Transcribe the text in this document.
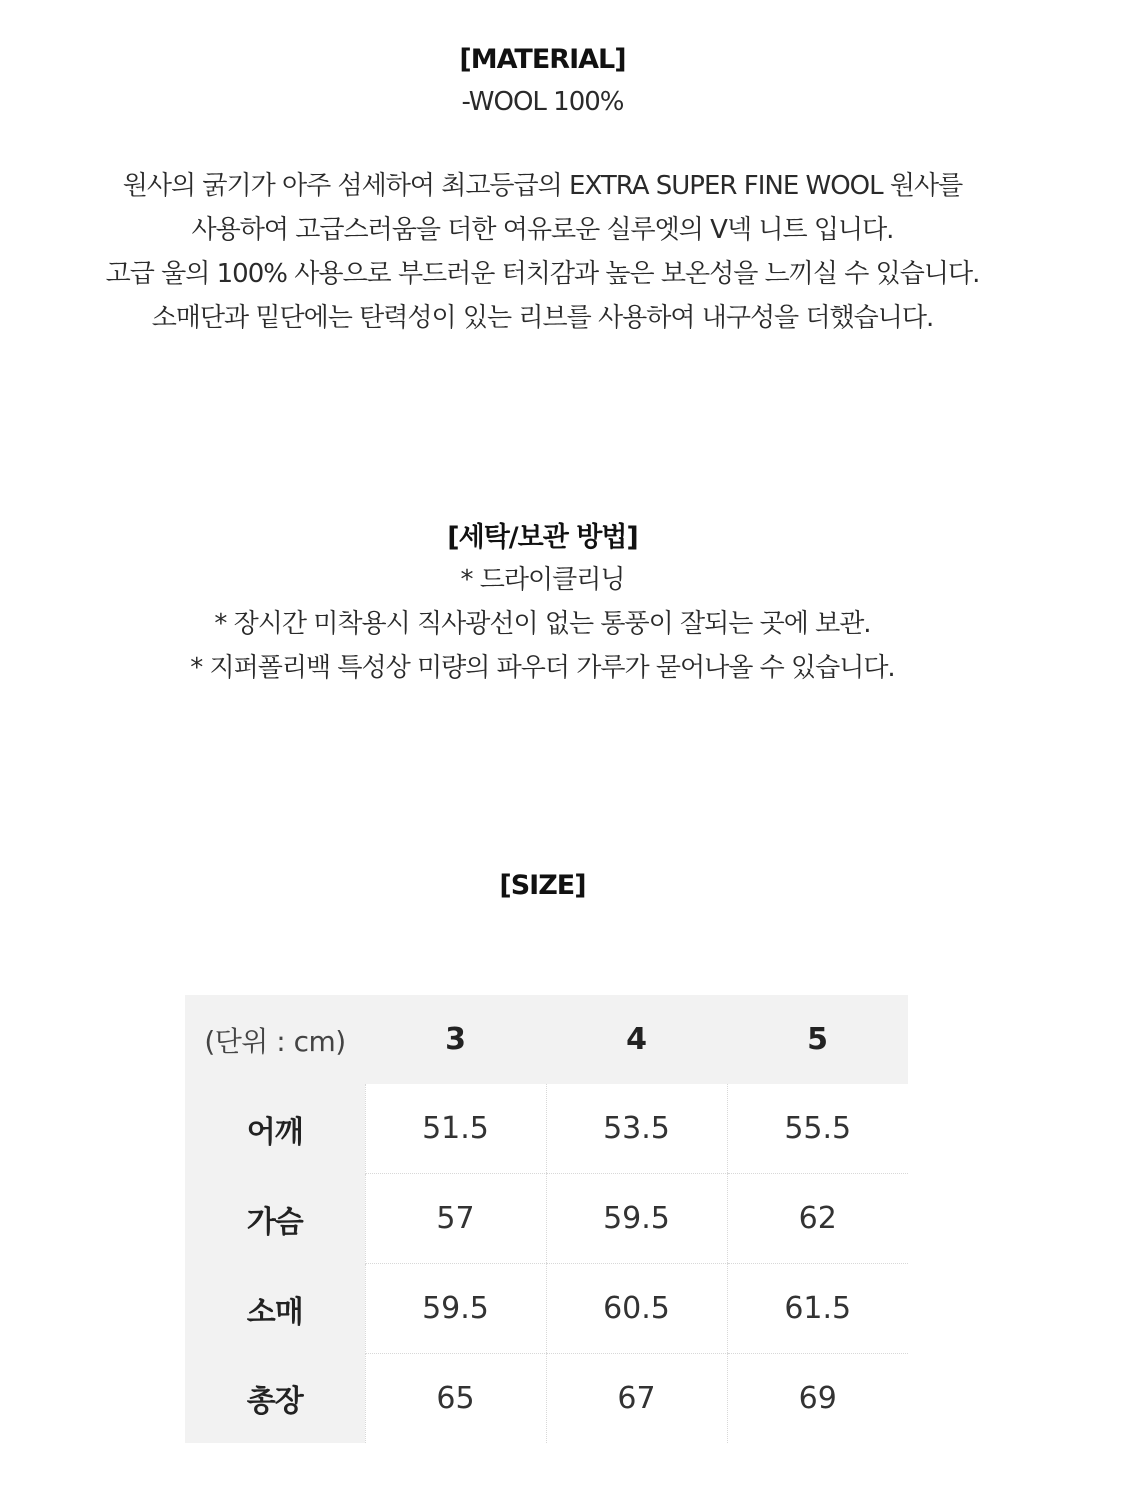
[MATERIAL]
-WOOL 100%
원사의 굵기가 아주 섬세하여 최고등급의 EXTRA SUPER FINE WOOL 원사를
사용하여 고급스러움을 더한 여유로운 실루엣의 V넥 니트 입니다.
고급 울의 100% 사용으로 부드러운 터치감과 높은 보온성을 느끼실 수 있습니다.
소매단과 밑단에는 탄력성이 있는 리브를 사용하여 내구성을 더했습니다.
[세탁/보관 방법]
* 드라이클리닝
* 장시간 미착용시 직사광선이 없는 통풍이 잘되는 곳에 보관.
* 지퍼폴리백 특성상 미량의 파우더 가루가 묻어나올 수 있습니다.
[SIZE]
(단위 : cm)	3	4	5
어깨	51.5	53.5	55.5
가슴	57	59.5	62
소매	59.5	60.5	61.5
총장	65	67	69
